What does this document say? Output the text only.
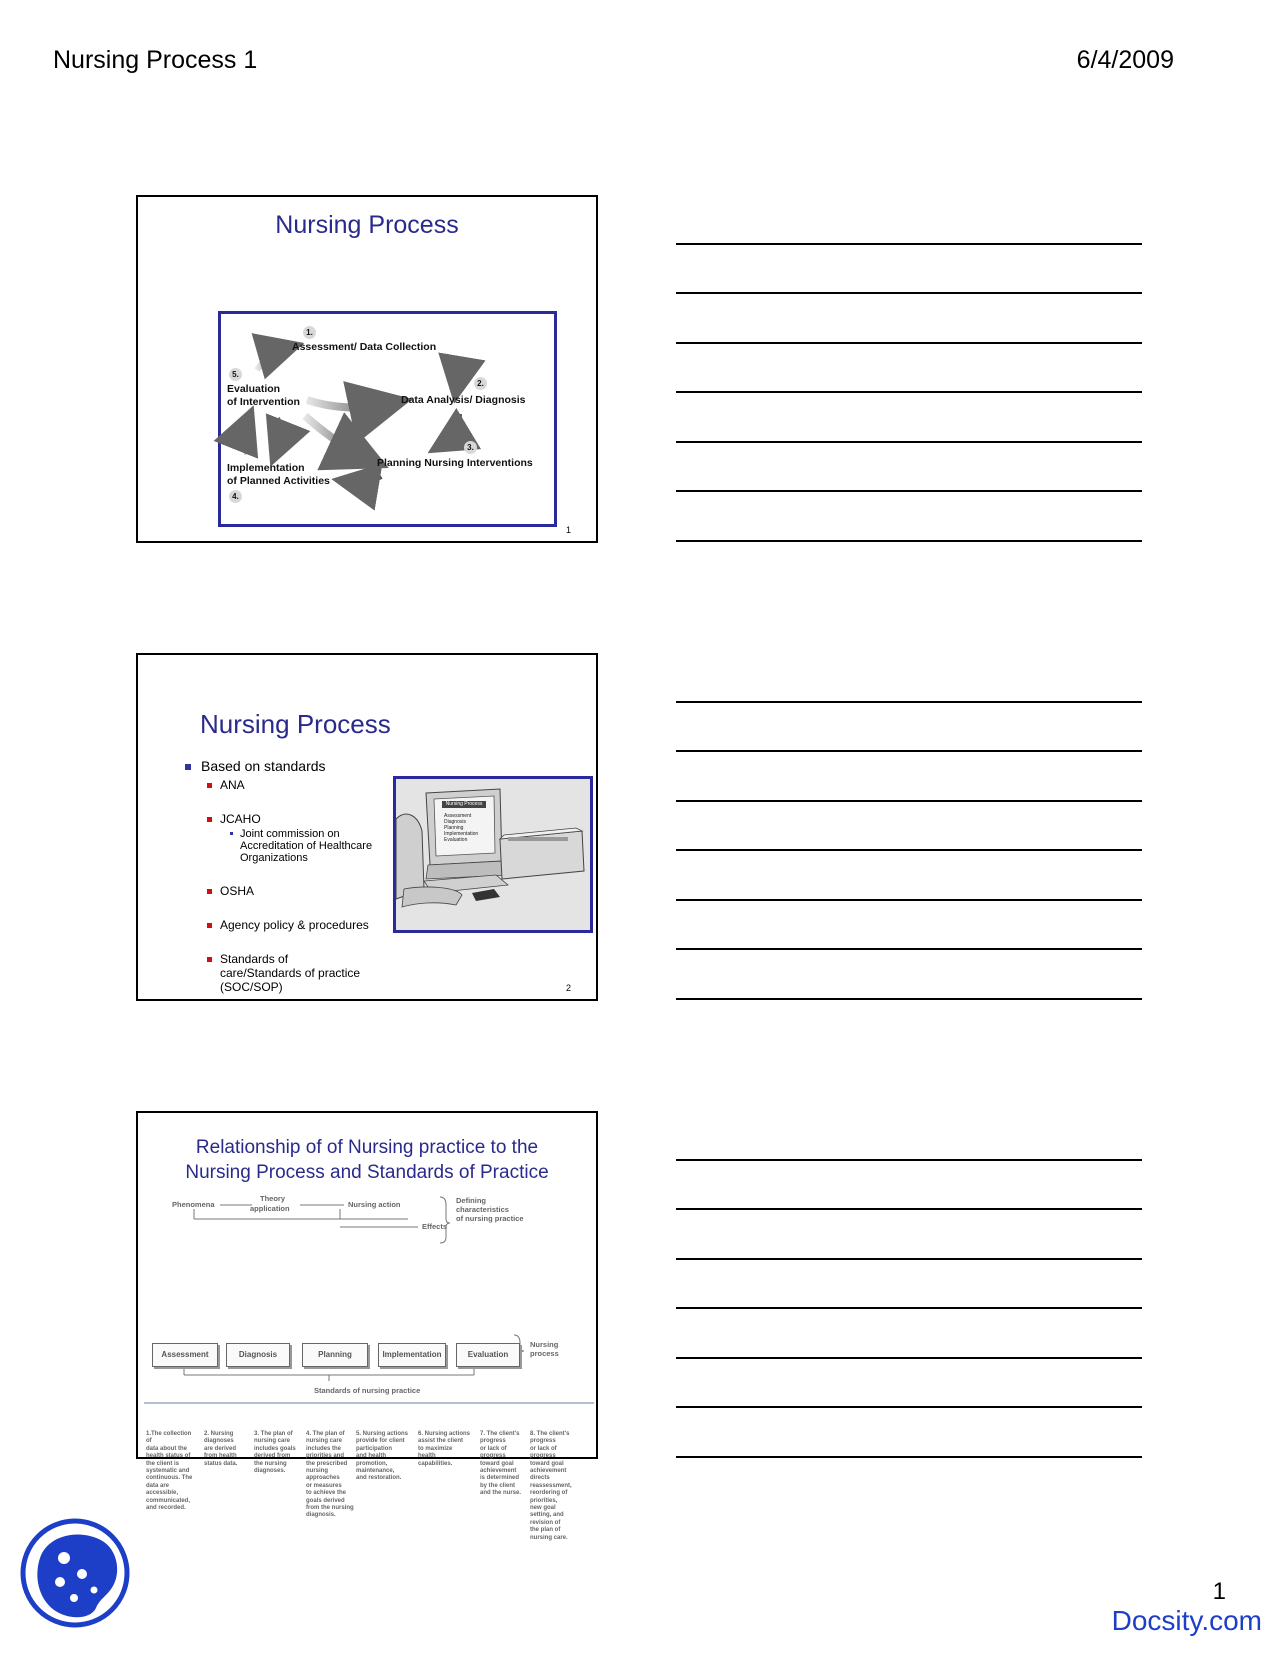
Nursing Process 1	6/4/2009
Nursing Process
1.
Assessment/ Data Collection
2.
Data Analysis/ Diagnosis
3.
Planning Nursing Interventions
Implementation
of Planned Activities
4.
5.
Evaluation
of Intervention
1
Nursing Process
Based on standards
ANA
JCAHO
Joint commission on
Accreditation of Healthcare
Organizations
OSHA
Agency policy & procedures
Standards of
care/Standards of practice
(SOC/SOP)
Nursing Process
Assessment
Diagnosis
Planning
Implementation
Evaluation
2
Relationship of of Nursing practice to the
Nursing Process and Standards of Practice
Phenomena
Theory
application	Nursing action
Effects
Defining
characteristics
of nursing practice
Assessment	Diagnosis	Planning	Implementation	Evaluation
Nursing
process
Standards of nursing practice
1.The collection of
data about the
health status of
the client is
systematic and
continuous. The
data are
accessible,
communicated,
and recorded.
2. Nursing
diagnoses
are derived
from health
status data.
3. The plan of
nursing care
includes goals
derived from
the nursing
diagnoses.
4. The plan of
nursing care
includes the
priorities and
the prescribed
nursing
approaches
or measures
to achieve the
goals derived
from the nursing
diagnosis.
5. Nursing actions
provide for client
participation
and health
promotion,
maintenance,
and restoration.
6. Nursing actions
assist the client
to maximize
health
capabilities.
7. The client's
progress
or lack of
progress
toward goal
achievement
is determined
by the client
and the nurse.
8. The client's
progress
or lack of
progress
toward goal
achievement
directs
reassessment,
reordering of
priorities,
new goal
setting, and
revision of
the plan of
nursing care.
1
Docsity.com
